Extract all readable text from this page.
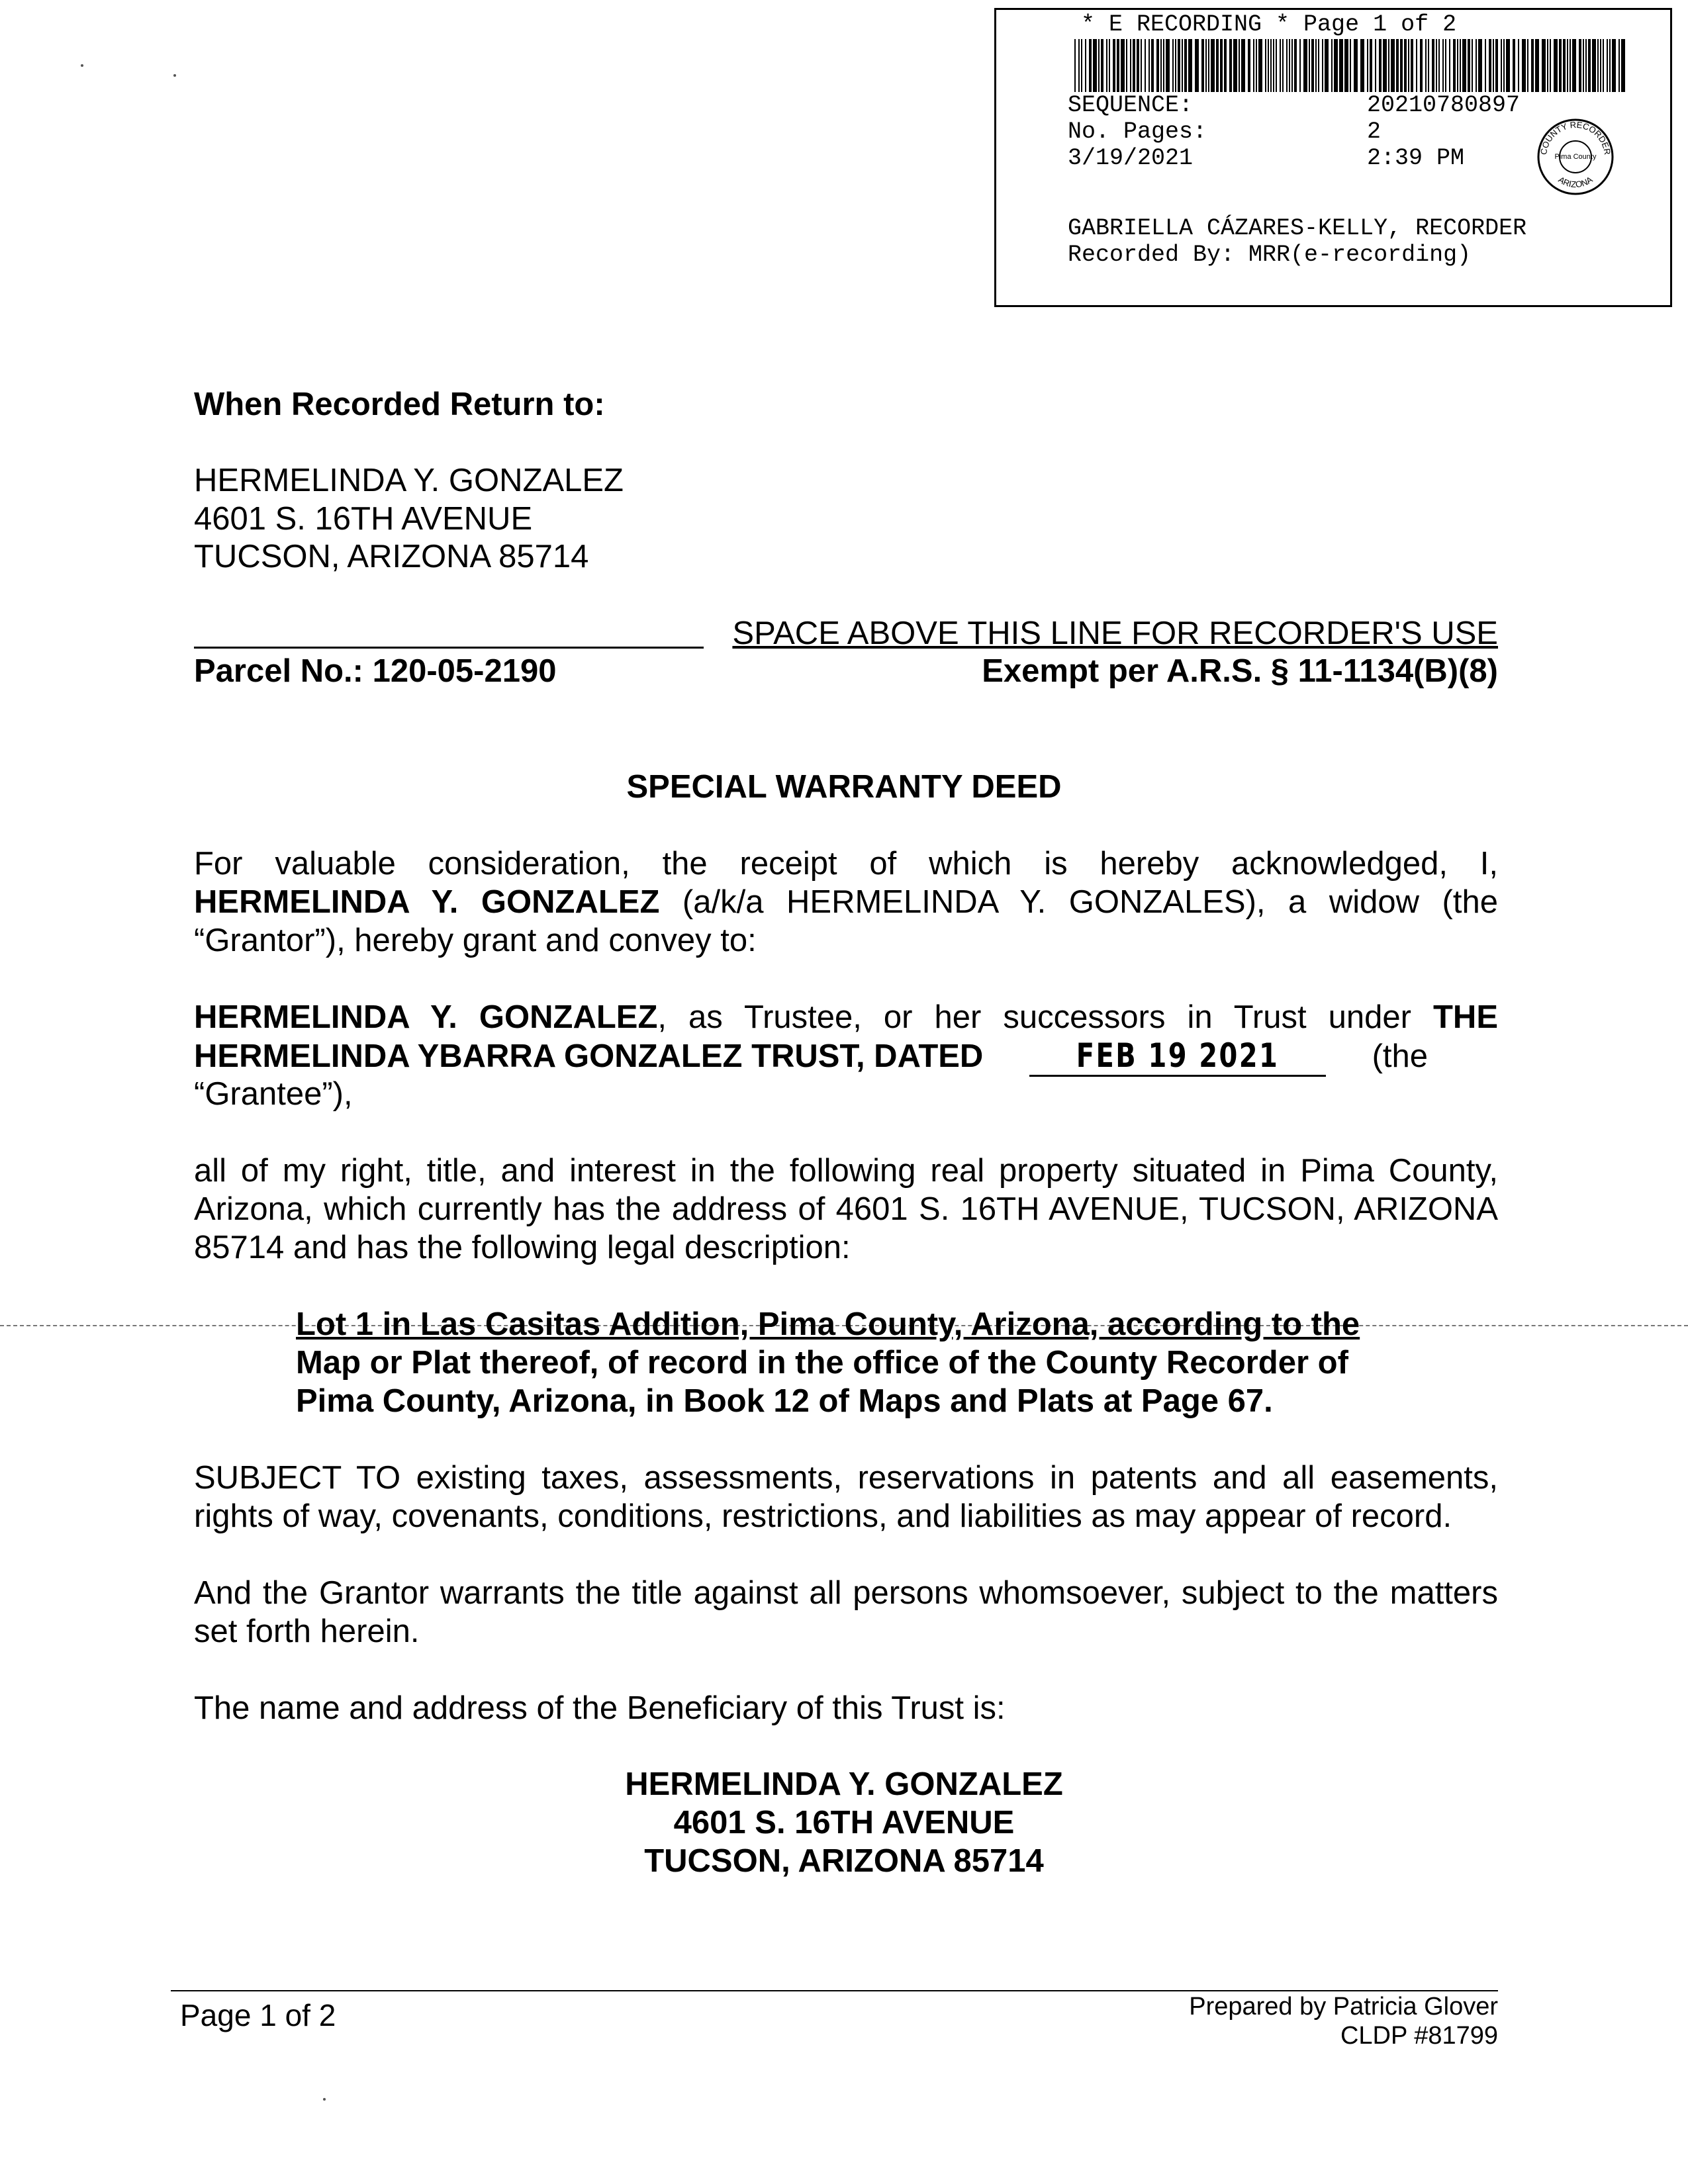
* E RECORDING * Page 1 of 2
SEQUENCE:	20210780897
No. Pages:	2
3/19/2021	2:39 PM	COUNTY RECORDER
Pima County
ARIZONA
GABRIELLA CÁZARES-KELLY, RECORDER
Recorded By: MRR(e-recording)
When Recorded Return to:
HERMELINDA Y. GONZALEZ
4601 S. 16TH AVENUE
TUCSON, ARIZONA 85714
SPACE ABOVE THIS LINE FOR RECORDER'S USE
Parcel No.: 120-05-2190	Exempt per A.R.S. § 11-1134(B)(8)
SPECIAL WARRANTY DEED
For valuable consideration, the receipt of which is hereby acknowledged, I,
HERMELINDA Y. GONZALEZ (a/k/a HERMELINDA Y. GONZALES), a widow (the
“Grantor”), hereby grant and convey to:
HERMELINDA Y. GONZALEZ, as Trustee, or her successors in Trust under THE
HERMELINDA YBARRA GONZALEZ TRUST, DATED	FEB 19 2021	(the
“Grantee”),
all of my right, title, and interest in the following real property situated in Pima County,
Arizona, which currently has the address of 4601 S. 16TH AVENUE, TUCSON, ARIZONA
85714 and has the following legal description:
Lot 1 in Las Casitas Addition, Pima County, Arizona, according to the
Map or Plat thereof, of record in the office of the County Recorder of
Pima County, Arizona, in Book 12 of Maps and Plats at Page 67.
SUBJECT TO existing taxes, assessments, reservations in patents and all easements,
rights of way, covenants, conditions, restrictions, and liabilities as may appear of record.
And the Grantor warrants the title against all persons whomsoever, subject to the matters
set forth herein.
The name and address of the Beneficiary of this Trust is:
HERMELINDA Y. GONZALEZ
4601 S. 16TH AVENUE
TUCSON, ARIZONA 85714
Page 1 of 2	Prepared by Patricia Glover
CLDP #81799
